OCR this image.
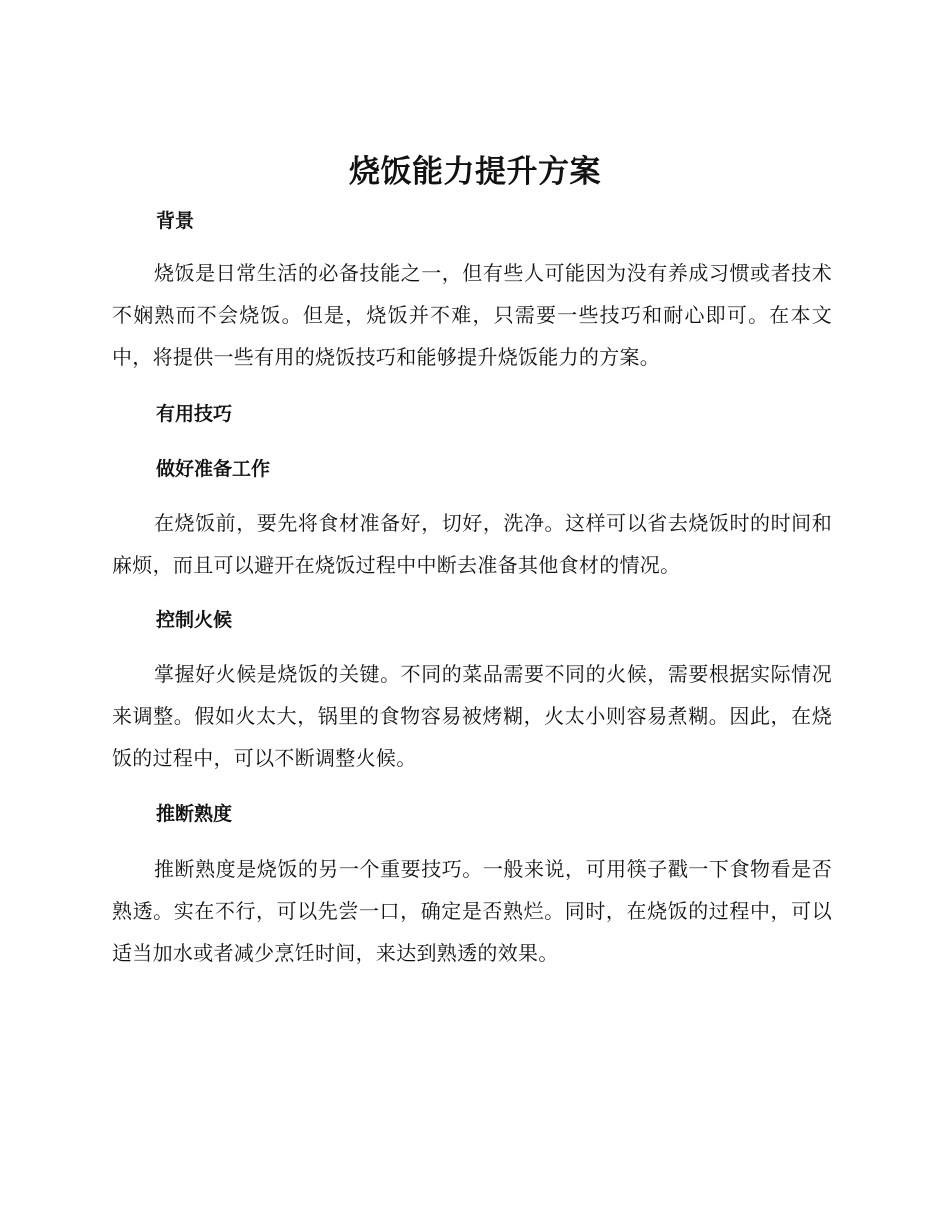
烧饭能力提升方案
背景

烧饭是日常生活的必备技能之一，但有些人可能因为没有养成习惯或者技术不娴熟而不会烧饭。但是，烧饭并不难，只需要一些技巧和耐心即可。在本文中，将提供一些有用的烧饭技巧和能够提升烧饭能力的方案。

有用技巧
做好准备工作

在烧饭前，要先将食材准备好，切好，洗净。这样可以省去烧饭时的时间和麻烦，而且可以避开在烧饭过程中中断去准备其他食材的情况。

控制火候

掌握好火候是烧饭的关键。不同的菜品需要不同的火候，需要根据实际情况来调整。假如火太大，锅里的食物容易被烤糊，火太小则容易煮糊。因此，在烧饭的过程中，可以不断调整火候。

推断熟度

推断熟度是烧饭的另一个重要技巧。一般来说，可用筷子戳一下食物看是否熟透。实在不行，可以先尝一口，确定是否熟烂。同时，在烧饭的过程中，可以适当加水或者减少烹饪时间，来达到熟透的效果。
